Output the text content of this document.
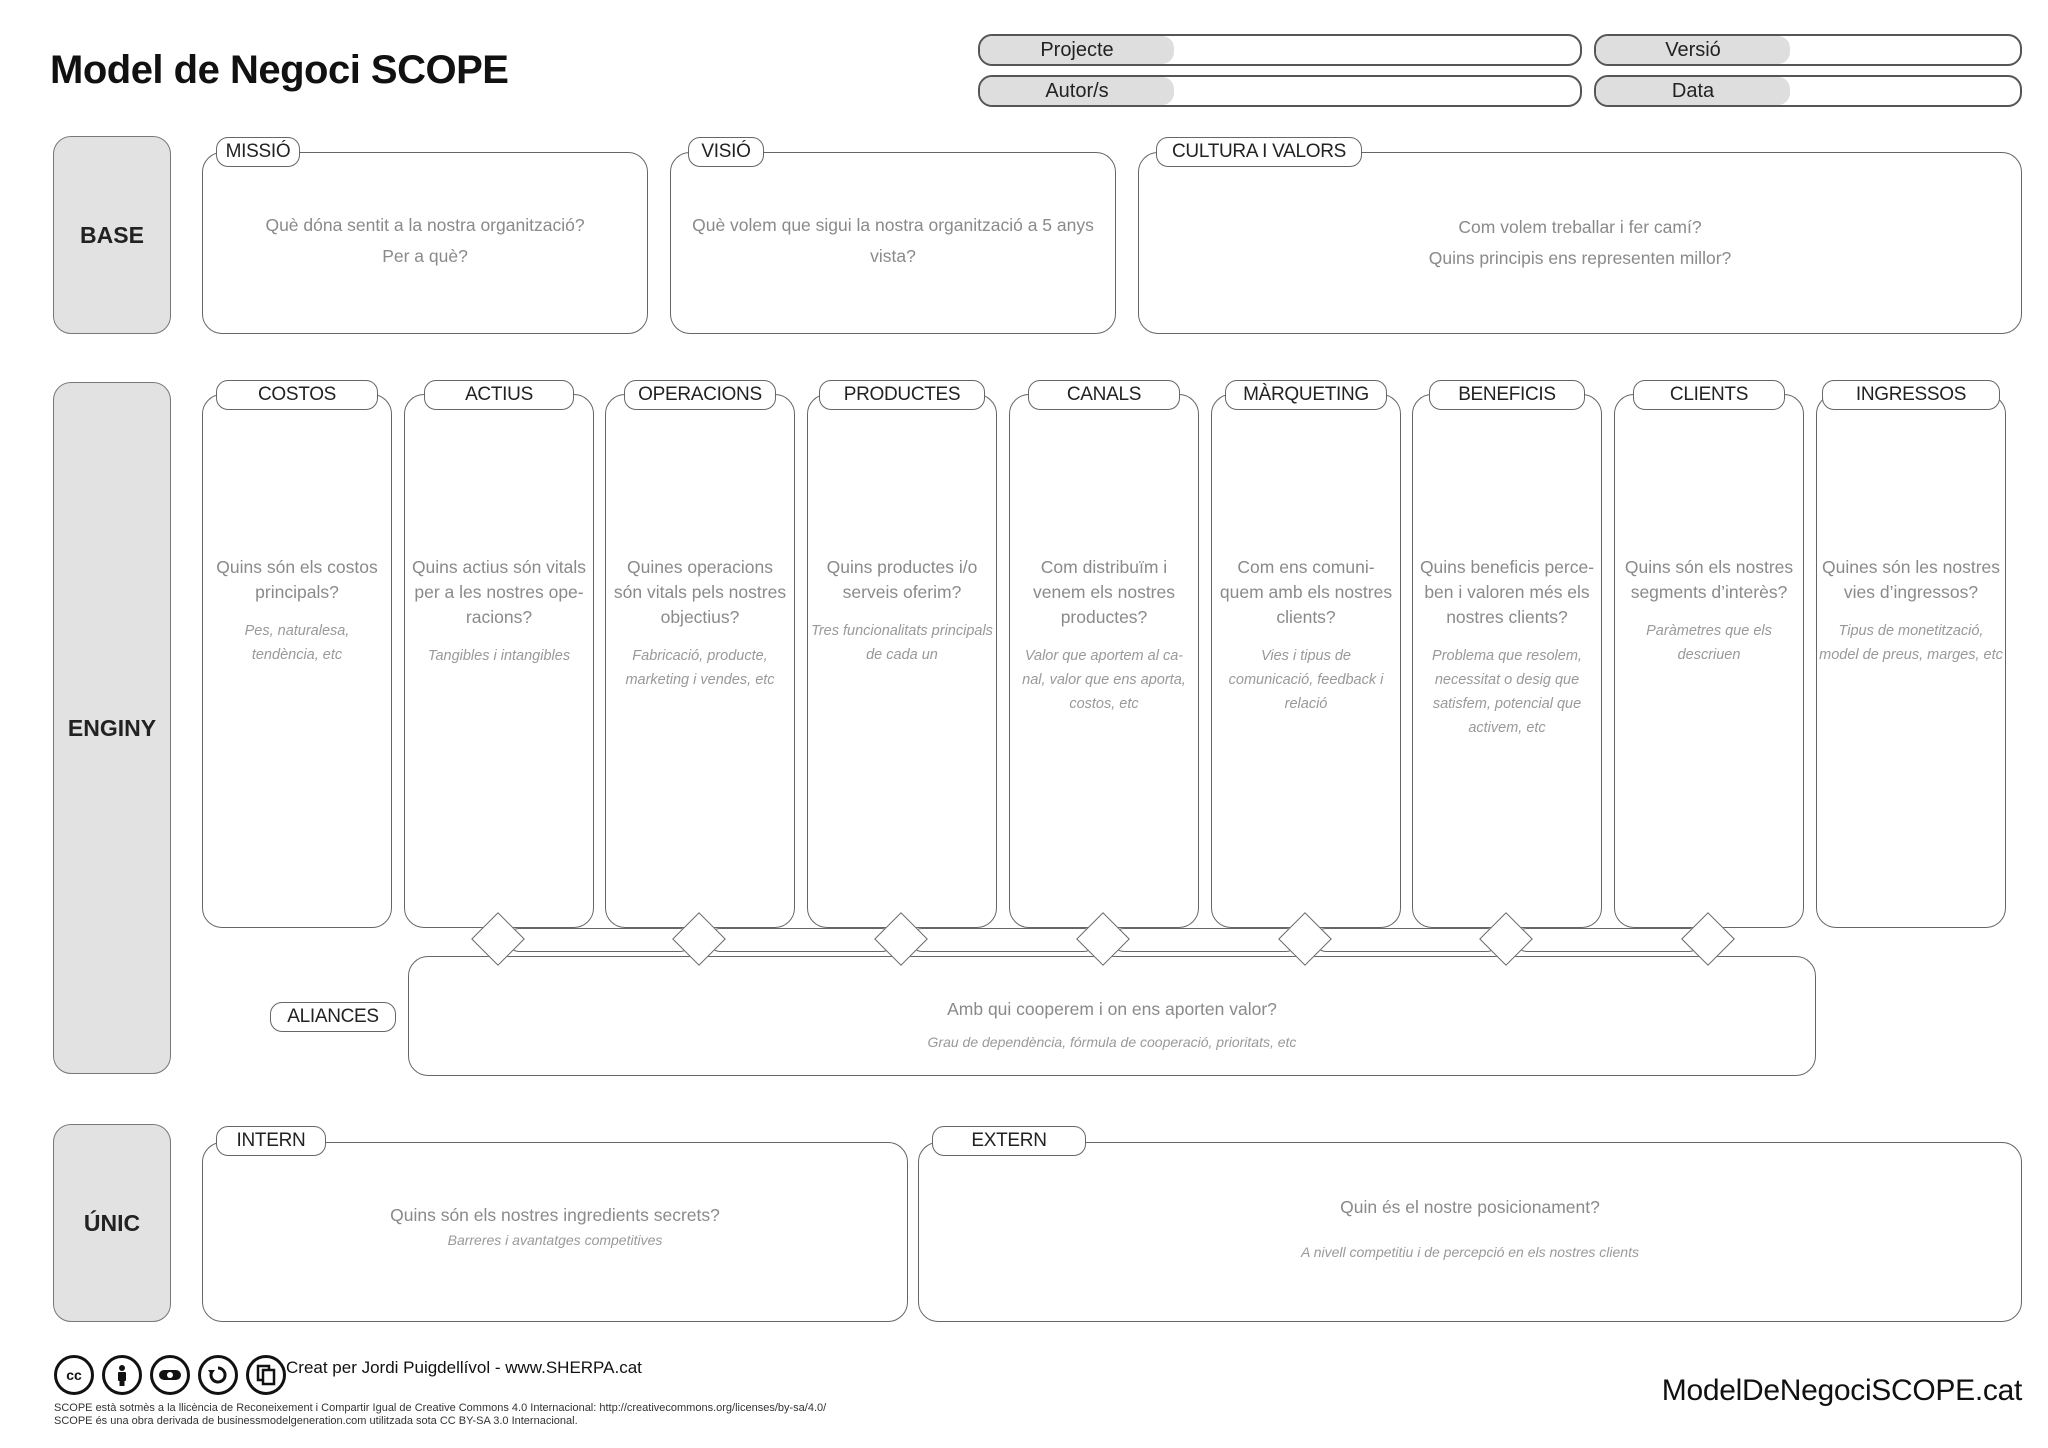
Model de Negoci SCOPE	Projecte	Versió
Autor/s	Data
BASE
ENGINY
ÚNIC
Què dóna sentit a la nostra organització?
Per a què?
MISSIÓ
Què volem que sigui la nostra organització a 5 anys
vista?
VISIÓ
Com volem treballar i fer camí?
Quins principis ens representen millor?
CULTURA I VALORS
Quins són els costos
principals?
Pes, naturalesa,
tendència, etc
COSTOS
Quins actius són vitals
per a les nostres ope-
racions?
Tangibles i intangibles
ACTIUS
Quines operacions
són vitals pels nostres
objectius?
Fabricació, producte,
marketing i vendes, etc
OPERACIONS
Quins productes i/o
serveis oferim?
Tres funcionalitats principals
de cada un
PRODUCTES
Com distribuïm i
venem els nostres
productes?
Valor que aportem al ca-
nal, valor que ens aporta,
costos, etc
CANALS
Com ens comuni-
quem amb els nostres
clients?
Vies i tipus de
comunicació, feedback i
relació
MÀRQUETING
Quins beneficis perce-
ben i valoren més els
nostres clients?
Problema que resolem,
necessitat o desig que
satisfem, potencial que
activem, etc
BENEFICIS
Quins són els nostres
segments d’interès?
Paràmetres que els
descriuen
CLIENTS
Quines són les nostres
vies d’ingressos?
Tipus de monetització,
model de preus, marges, etc
INGRESSOS
Amb qui cooperem i on ens aporten valor?
Grau de dependència, fórmula de cooperació, prioritats, etc
ALIANCES
Quins són els nostres ingredients secrets?
Barreres i avantatges competitives
INTERN
Quin és el nostre posicionament?
A nivell competitiu i de percepció en els nostres clients
EXTERN
cc	Creat per Jordi Puigdellívol - www.SHERPA.cat
SCOPE està sotmès a la llicència de Reconeixement i Compartir Igual de Creative Commons 4.0 Internacional: http://creativecommons.org/licenses/by-sa/4.0/
SCOPE és una obra derivada de businessmodelgeneration.com utilitzada sota CC BY-SA 3.0 Internacional.
ModelDeNegociSCOPE.cat
